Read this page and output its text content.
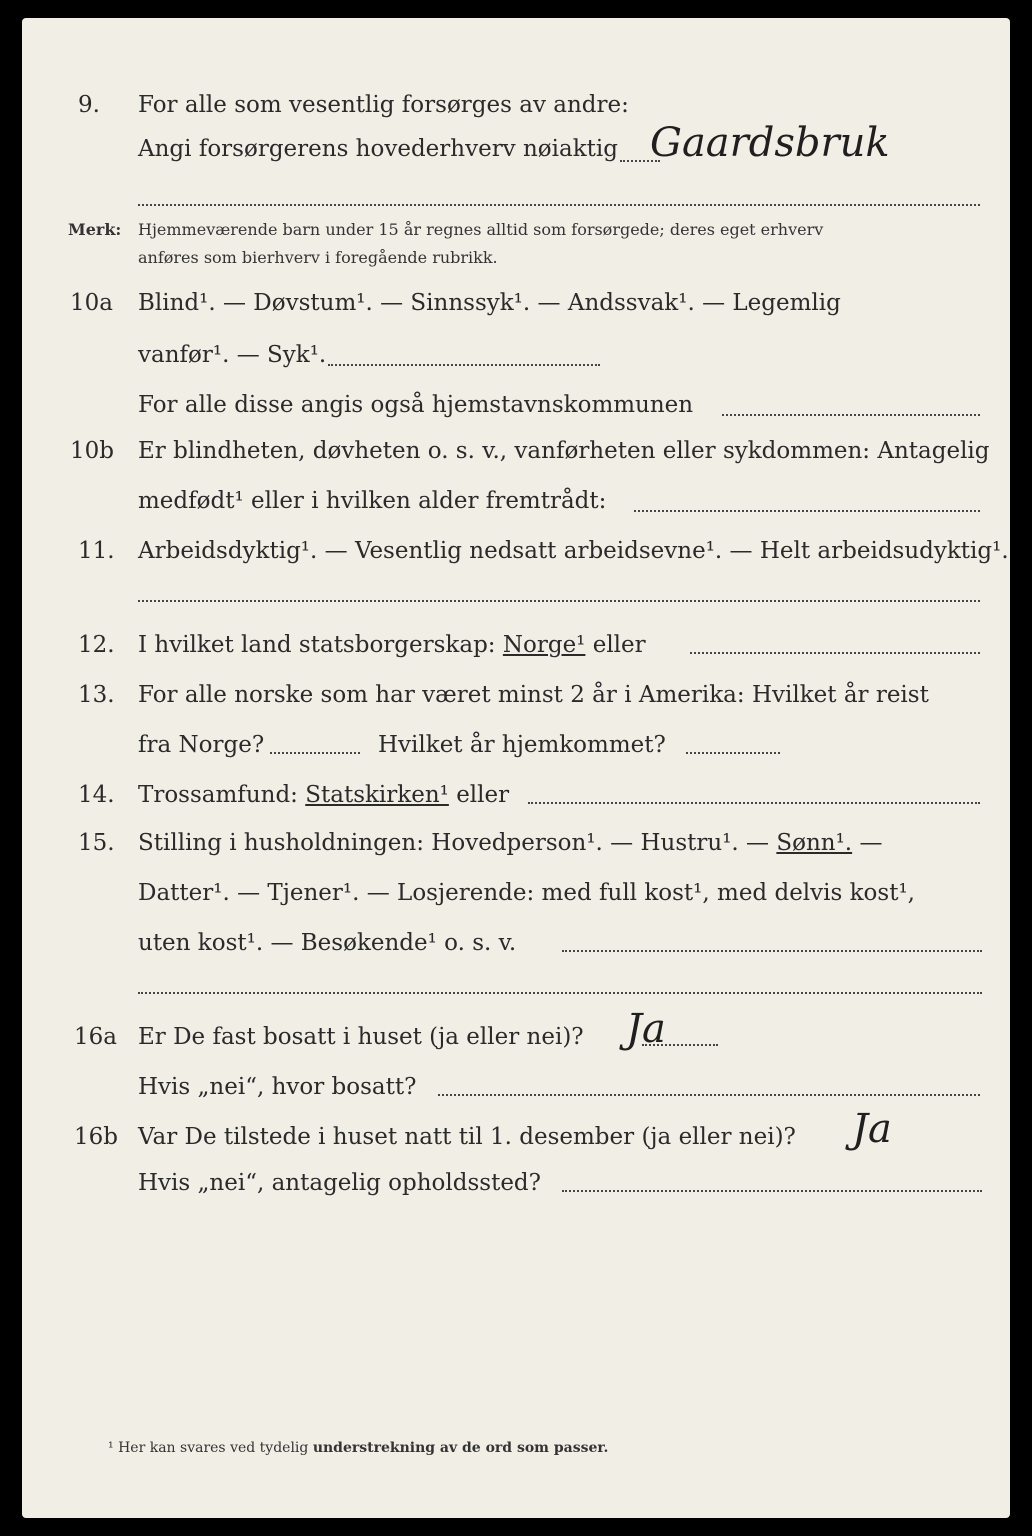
9. For alle som vesentlig forsørges av andre:
Angi forsørgerens hovederhverv nøiaktig Gaardsbruk
Merk: Hjemmeværende barn under 15 år regnes alltid som forsørgede; deres eget erhverv
anføres som bierhverv i foregående rubrikk.
10a Blind¹. — Døvstum¹. — Sinnssyk¹. — Andssvak¹. — Legemlig
vanfør¹. — Syk¹.
For alle disse angis også hjemstavnskommunen
10b Er blindheten, døvheten o. s. v., vanførheten eller sykdommen: Antagelig
medfødt¹ eller i hvilken alder fremtrådt:
11. Arbeidsdyktig¹. — Vesentlig nedsatt arbeidsevne¹. — Helt arbeidsudyktig¹.
12. I hvilket land statsborgerskap: Norge¹ eller
13. For alle norske som har været minst 2 år i Amerika: Hvilket år reist
fra Norge?	Hvilket år hjemkommet?
14. Trossamfund: Statskirken¹ eller
15. Stilling i husholdningen: Hovedperson¹. — Hustru¹. — Sønn¹. —
Datter¹. — Tjener¹. — Losjerende: med full kost¹, med delvis kost¹,
uten kost¹. — Besøkende¹ o. s. v.
16a Er De fast bosatt i huset (ja eller nei)? Ja
Hvis „nei“, hvor bosatt?
16b Var De tilstede i huset natt til 1. desember (ja eller nei)? Ja
Hvis „nei“, antagelig opholdssted?
¹ Her kan svares ved tydelig understrekning av de ord som passer.
